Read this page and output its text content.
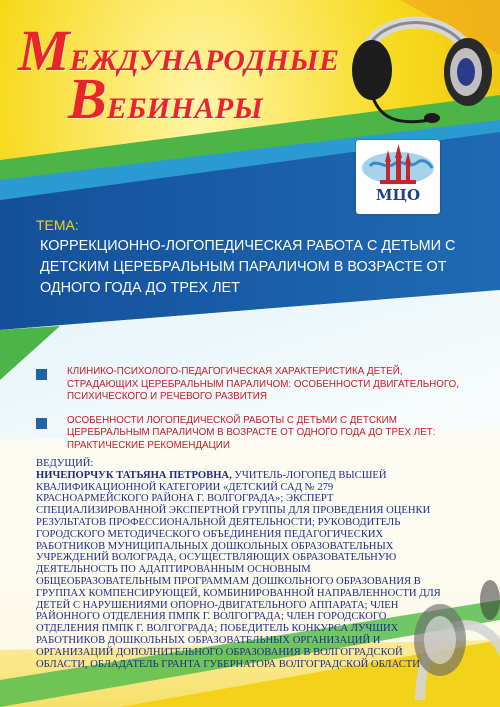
МЕЖДУНАРОДНЫЕ
ВЕБИНАРЫ
МЦО
ТЕМА:
КОРРЕКЦИОННО-ЛОГОПЕДИЧЕСКАЯ РАБОТА С ДЕТЬМИ С ДЕТСКИМ ЦЕРЕБРАЛЬНЫМ ПАРАЛИЧОМ В ВОЗРАСТЕ ОТ ОДНОГО ГОДА ДО ТРЕХ ЛЕТ
КЛИНИКО-ПСИХОЛОГО-ПЕДАГОГИЧЕСКАЯ ХАРАКТЕРИСТИКА ДЕТЕЙ, СТРАДАЮЩИХ ЦЕРЕБРАЛЬНЫМ ПАРАЛИЧОМ: ОСОБЕННОСТИ ДВИГАТЕЛЬНОГО, ПСИХИЧЕСКОГО И РЕЧЕВОГО РАЗВИТИЯ
ОСОБЕННОСТИ ЛОГОПЕДИЧЕСКОЙ РАБОТЫ С ДЕТЬМИ С ДЕТСКИМ ЦЕРЕБРАЛЬНЫМ ПАРАЛИЧОМ В ВОЗРАСТЕ ОТ ОДНОГО ГОДА ДО ТРЕХ ЛЕТ: ПРАКТИЧЕСКИЕ РЕКОМЕНДАЦИИ
ВЕДУЩИЙ:
НИЧЕПОРЧУК ТАТЬЯНА ПЕТРОВНА, УЧИТЕЛЬ-ЛОГОПЕД ВЫСШЕЙ КВАЛИФИКАЦИОННОЙ КАТЕГОРИИ «ДЕТСКИЙ САД № 279 КРАСНОАРМЕЙСКОГО РАЙОНА Г. ВОЛГОГРАДА»; ЭКСПЕРТ СПЕЦИАЛИЗИРОВАННОЙ ЭКСПЕРТНОЙ ГРУППЫ ДЛЯ ПРОВЕДЕНИЯ ОЦЕНКИ РЕЗУЛЬТАТОВ ПРОФЕССИОНАЛЬНОЙ ДЕЯТЕЛЬНОСТИ; РУКОВОДИТЕЛЬ ГОРОДСКОГО МЕТОДИЧЕСКОГО ОБЪЕДИНЕНИЯ ПЕДАГОГИЧЕСКИХ РАБОТНИКОВ МУНИЦИПАЛЬНЫХ ДОШКОЛЬНЫХ ОБРАЗОВАТЕЛЬНЫХ УЧРЕЖДЕНИЙ ВОЛОГРАДА, ОСУЩЕСТВЛЯЮЩИХ ОБРАЗОВАТЕЛЬНУЮ ДЕЯТЕЛЬНОСТЬ ПО АДАПТИРОВАННЫМ ОСНОВНЫМ ОБЩЕОБРАЗОВАТЕЛЬНЫМ ПРОГРАММАМ ДОШКОЛЬНОГО ОБРАЗОВАНИЯ В ГРУППАХ КОМПЕНСИРУЮЩЕЙ, КОМБИНИРОВАННОЙ НАПРАВЛЕННОСТИ ДЛЯ ДЕТЕЙ С НАРУШЕНИЯМИ ОПОРНО-ДВИГАТЕЛЬНОГО АППАРАТА; ЧЛЕН РАЙОННОГО ОТДЕЛЕНИЯ ПМПК Г. ВОЛГОГРАДА; ЧЛЕН ГОРОДСКОГО ОТДЕЛЕНИЯ ПМПК Г. ВОЛГОГРАДА; ПОБЕДИТЕЛЬ КОНКУРСА ЛУЧШИХ РАБОТНИКОВ ДОШКОЛЬНЫХ ОБРАЗОВАТЕЛЬНЫХ ОРГАНИЗАЦИЙ И ОРГАНИЗАЦИЙ ДОПОЛНИТЕЛЬНОГО ОБРАЗОВАНИЯ В ВОЛГОГРАДСКОЙ ОБЛАСТИ, ОБЛАДАТЕЛЬ ГРАНТА ГУБЕРНАТОРА ВОЛГОГРАДСКОЙ ОБЛАСТИ
